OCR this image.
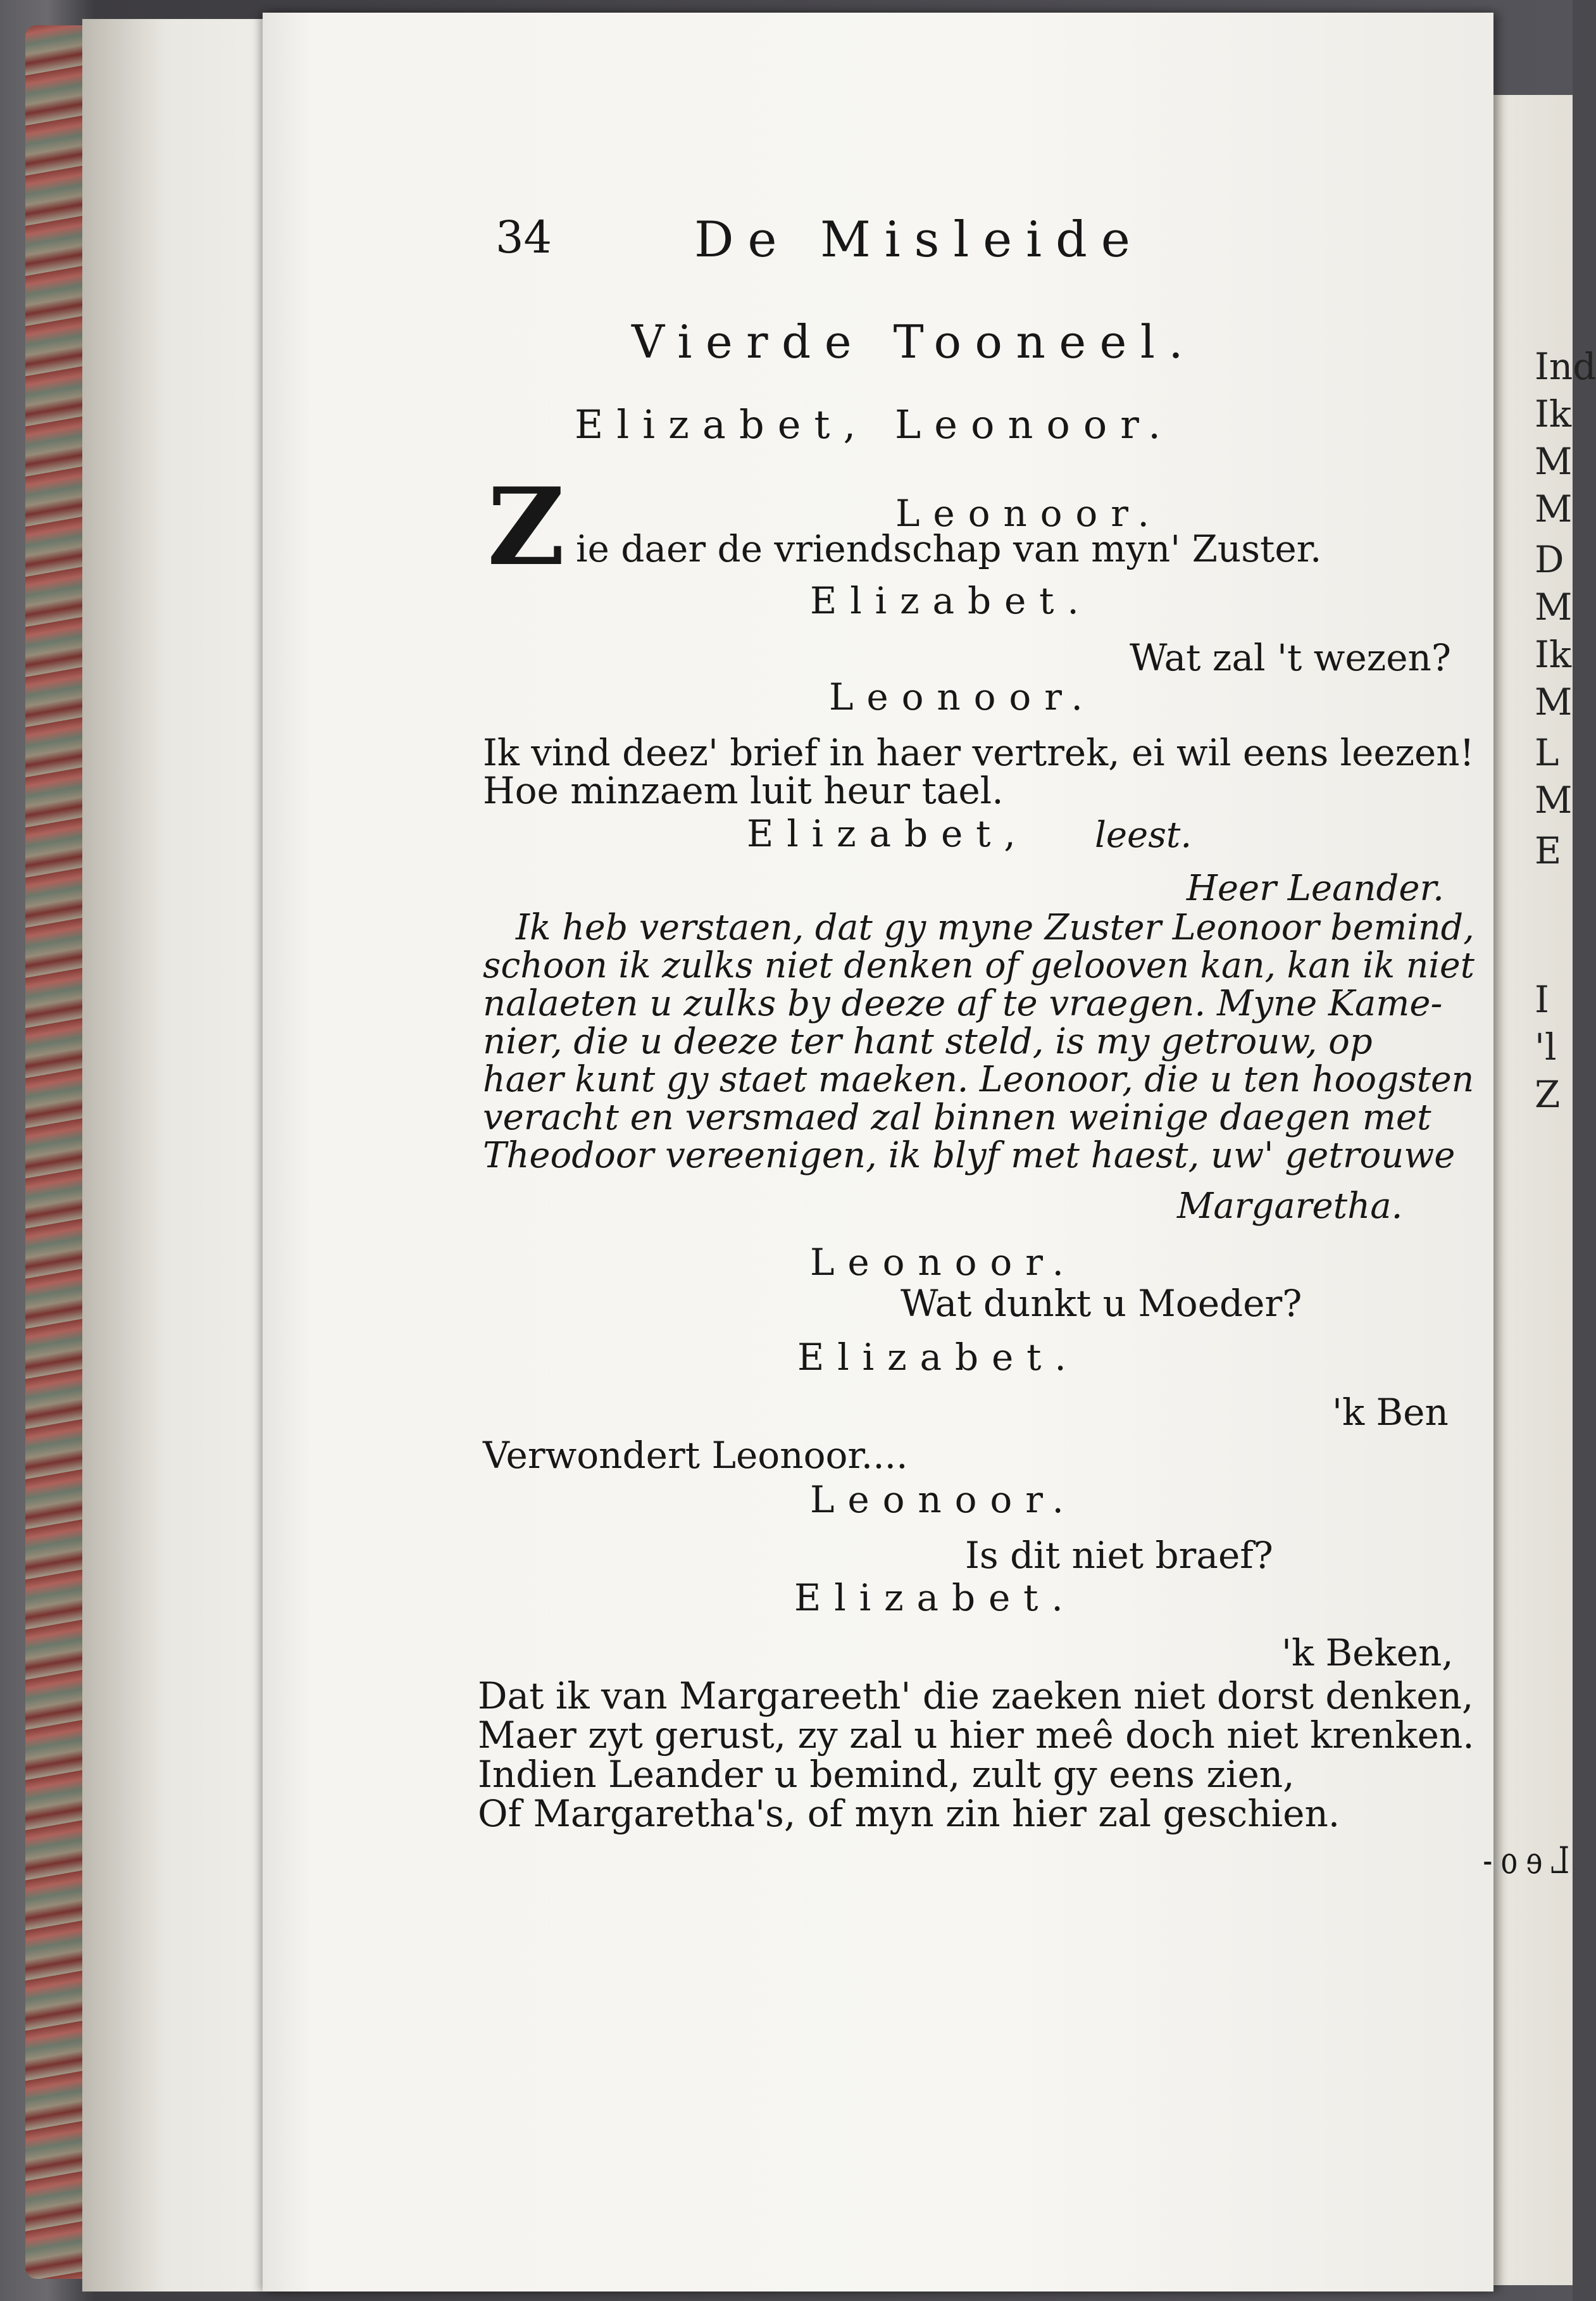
Ind
Ik
M
M
D
M
Ik
M
L
M
E
I
'l
Z
34	De Misleide
Vierde Tooneel.
Elizabet, Leonoor.
Leonoor.
Z ie daer de vriendschap van myn' Zuster.
Elizabet.
Wat zal 't wezen?
Leonoor.
Ik vind deez' brief in haer vertrek, ei wil eens leezen!
Hoe minzaem luit heur tael.
Elizabet, leest.
Heer Leander.
Ik heb verstaen, dat gy myne Zuster Leonoor bemind,
schoon ik zulks niet denken of gelooven kan, kan ik niet
nalaeten u zulks by deeze af te vraegen. Myne Kame-
nier, die u deeze ter hant steld, is my getrouw, op
haer kunt gy staet maeken. Leonoor, die u ten hoogsten
veracht en versmaed zal binnen weinige daegen met
Theodoor vereenigen, ik blyf met haest, uw' getrouwe
Margaretha.
Leonoor.
Wat dunkt u Moeder?
Elizabet.
'k Ben
Verwondert Leonoor....
Leonoor.
Is dit niet braef?
Elizabet.
'k Beken,
Dat ik van Margareeth' die zaeken niet dorst denken,
Maer zyt gerust, zy zal u hier meê doch niet krenken.
Indien Leander u bemind, zult gy eens zien,
Of Margaretha's, of myn zin hier zal geschien.
Leo-
